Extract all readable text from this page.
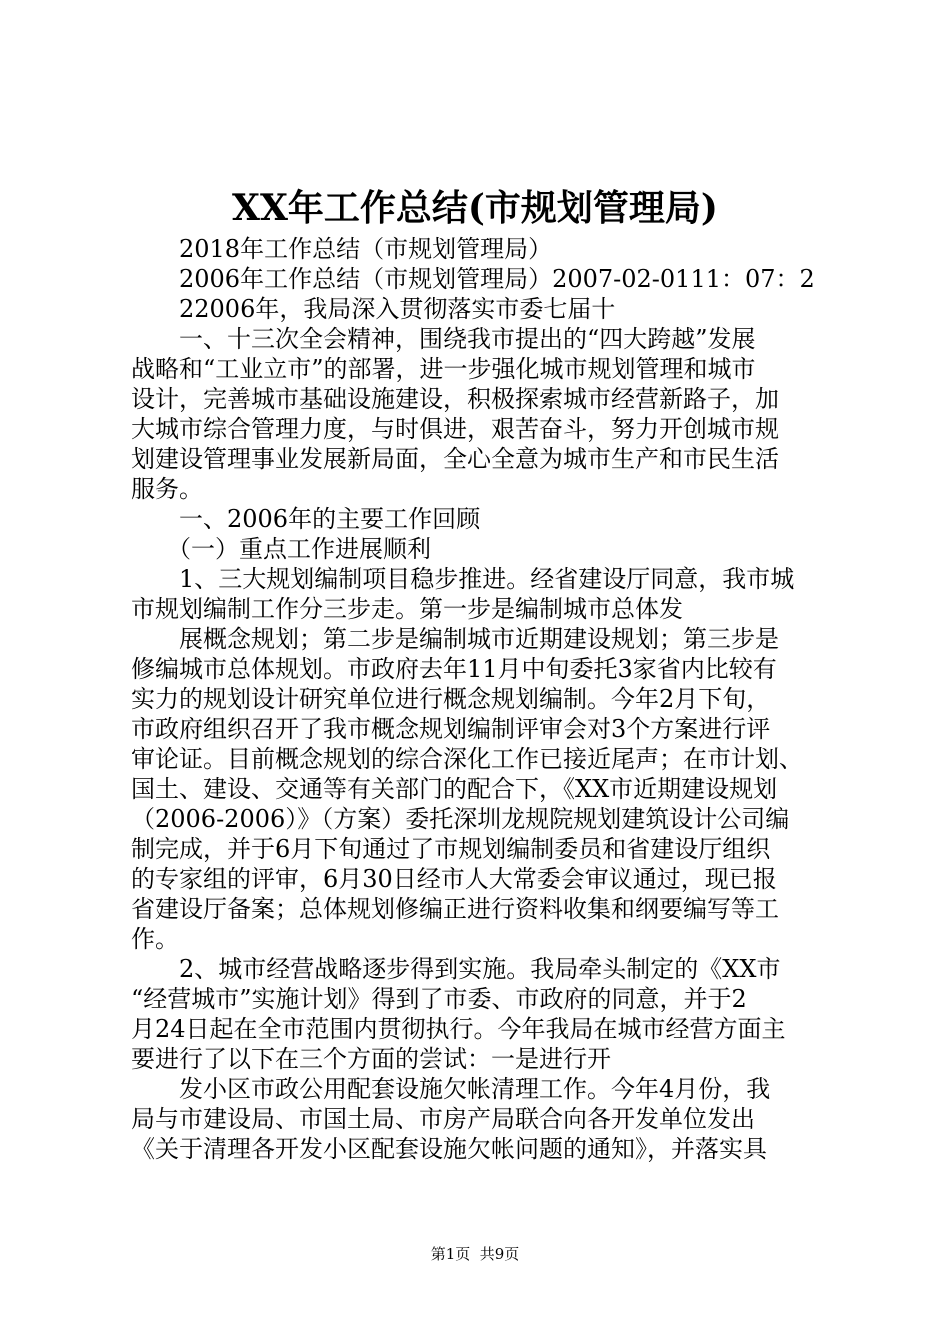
XX年工作总结(市规划管理局)
　　2018年工作总结（市规划管理局）
　　2006年工作总结（市规划管理局）2007-02-0111：07：2
　　22006年，我局深入贯彻落实市委七届十
　　一、十三次全会精神，围绕我市提出的“四大跨越”发展
战略和“工业立市”的部署，进一步强化城市规划管理和城市
设计，完善城市基础设施建设，积极探索城市经营新路子，加
大城市综合管理力度，与时俱进，艰苦奋斗，努力开创城市规
划建设管理事业发展新局面，全心全意为城市生产和市民生活
服务。
　　一、2006年的主要工作回顾
　　（一）重点工作进展顺利
　　1、三大规划编制项目稳步推进。经省建设厅同意，我市城
市规划编制工作分三步走。第一步是编制城市总体发
　　展概念规划；第二步是编制城市近期建设规划；第三步是
修编城市总体规划。市政府去年11月中旬委托3家省内比较有
实力的规划设计研究单位进行概念规划编制。今年2月下旬，
市政府组织召开了我市概念规划编制评审会对3个方案进行评
审论证。目前概念规划的综合深化工作已接近尾声；在市计划、
国土、建设、交通等有关部门的配合下，《XX市近期建设规划
（2006-2006）》（方案）委托深圳龙规院规划建筑设计公司编
制完成，并于6月下旬通过了市规划编制委员和省建设厅组织
的专家组的评审，6月30日经市人大常委会审议通过，现已报
省建设厅备案；总体规划修编正进行资料收集和纲要编写等工
作。
　　2、城市经营战略逐步得到实施。我局牵头制定的《XX市
“经营城市”实施计划》得到了市委、市政府的同意，并于2
月24日起在全市范围内贯彻执行。今年我局在城市经营方面主
要进行了以下在三个方面的尝试：一是进行开
　　发小区市政公用配套设施欠帐清理工作。今年4月份，我
局与市建设局、市国土局、市房产局联合向各开发单位发出
《关于清理各开发小区配套设施欠帐问题的通知》，并落实具
第1页  共9页
